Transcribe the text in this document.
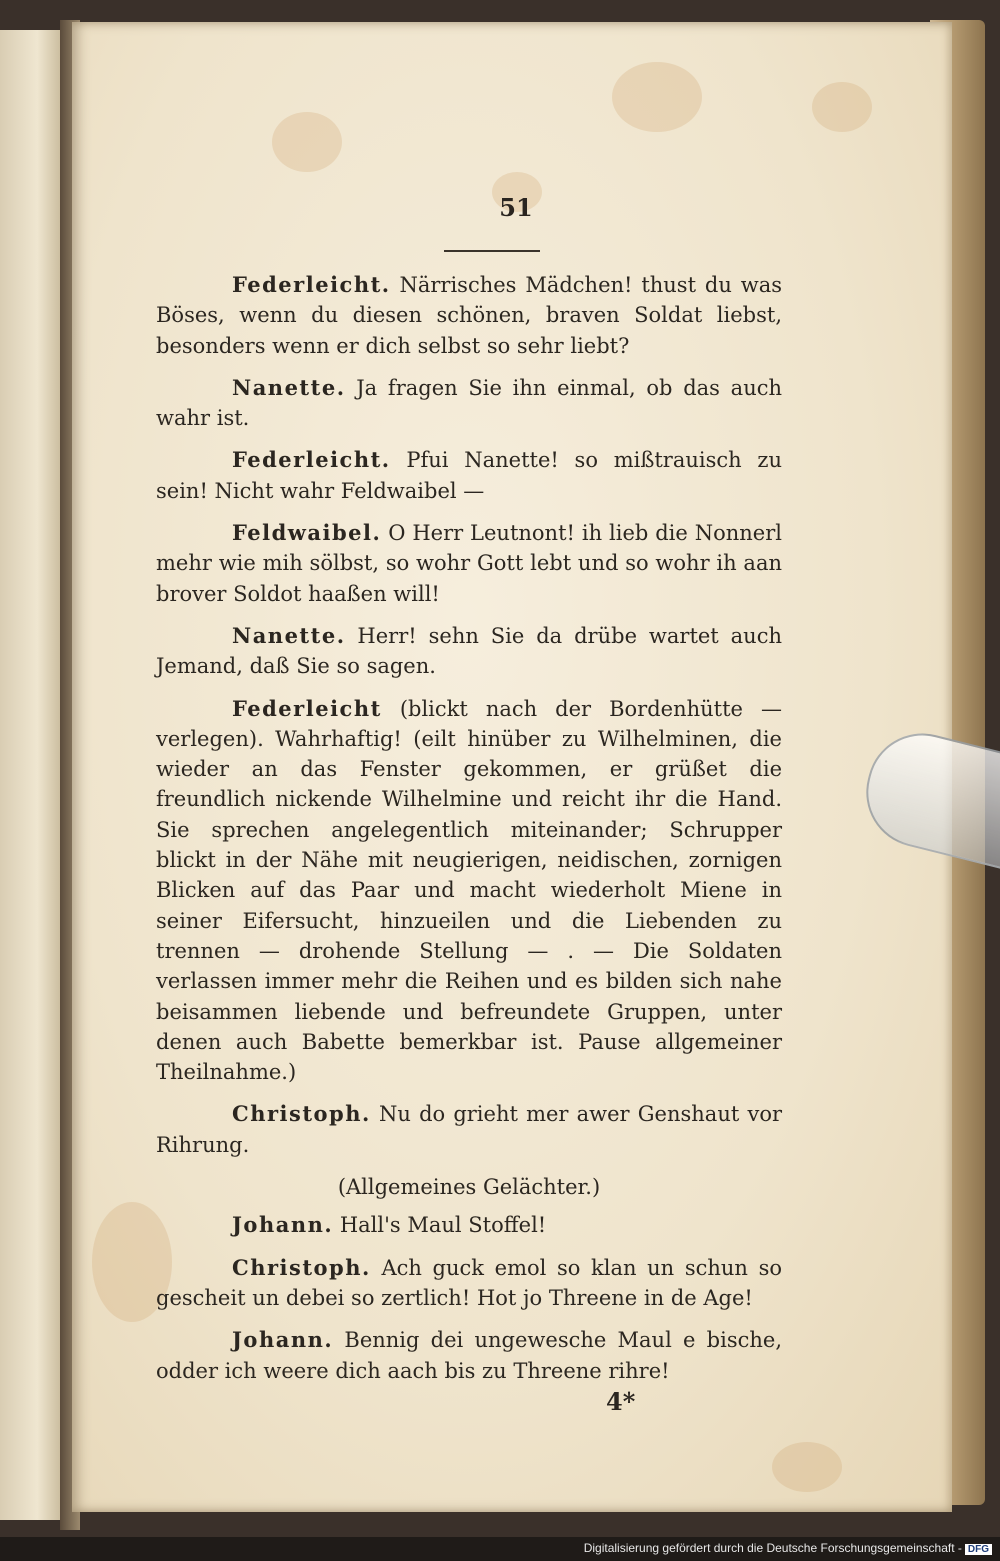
51

Federleicht. Närrisches Mädchen! thust du was Böses, wenn du diesen schönen, braven Soldat liebst, besonders wenn er dich selbst so sehr liebt?

Nanette. Ja fragen Sie ihn einmal, ob das auch wahr ist.

Federleicht. Pfui Nanette! so mißtrauisch zu sein! Nicht wahr Feldwaibel —

Feldwaibel. O Herr Leutnont! ih lieb die Nonnerl mehr wie mih sölbst, so wohr Gott lebt und so wohr ih aan brover Soldot haaßen will!

Nanette. Herr! sehn Sie da drübe wartet auch Jemand, daß Sie so sagen.

Federleicht (blickt nach der Bordenhütte — verlegen). Wahrhaftig! (eilt hinüber zu Wilhelminen, die wieder an das Fenster gekommen, er grüßet die freundlich nickende Wilhelmine und reicht ihr die Hand. Sie sprechen angelegentlich miteinander; Schrupper blickt in der Nähe mit neugierigen, neidischen, zornigen Blicken auf das Paar und macht wiederholt Miene in seiner Eifersucht, hinzueilen und die Liebenden zu trennen — drohende Stellung — . — Die Soldaten verlassen immer mehr die Reihen und es bilden sich nahe beisammen liebende und befreundete Gruppen, unter denen auch Babette bemerkbar ist. Pause allgemeiner Theilnahme.)

Christoph. Nu do grieht mer awer Genshaut vor Rihrung.

(Allgemeines Gelächter.)

Johann. Hall's Maul Stoffel!

Christoph. Ach guck emol so klan un schun so gescheit un debei so zertlich! Hot jo Threene in de Age!

Johann. Bennig dei ungewesche Maul e bische, odder ich weere dich aach bis zu Threene rihre!

4*
Digitalisierung gefördert durch die Deutsche Forschungsgemeinschaft - DFG
